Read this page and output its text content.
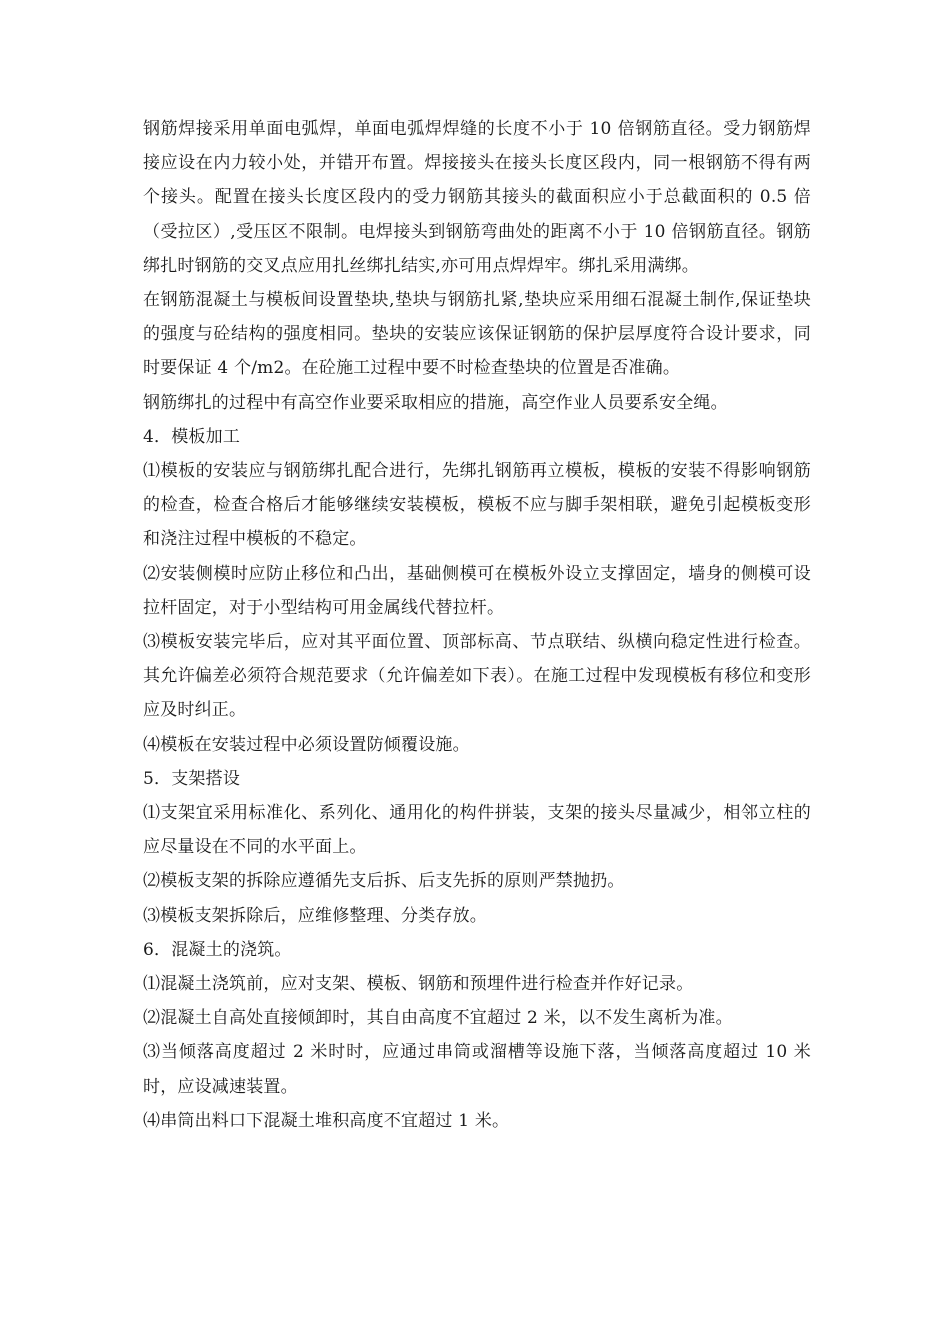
钢筋焊接采用单面电弧焊，单面电弧焊焊缝的长度不小于 10 倍钢筋直径。受力钢筋焊接应设在内力较小处，并错开布置。焊接接头在接头长度区段内，同一根钢筋不得有两个接头。配置在接头长度区段内的受力钢筋其接头的截面积应小于总截面积的 0.5 倍（受拉区）,受压区不限制。电焊接头到钢筋弯曲处的距离不小于 10 倍钢筋直径。钢筋绑扎时钢筋的交叉点应用扎丝绑扎结实,亦可用点焊焊牢。绑扎采用满绑。

在钢筋混凝土与模板间设置垫块,垫块与钢筋扎紧,垫块应采用细石混凝土制作,保证垫块的强度与砼结构的强度相同。垫块的安装应该保证钢筋的保护层厚度符合设计要求，同时要保证 4 个/m2。在砼施工过程中要不时检查垫块的位置是否准确。

钢筋绑扎的过程中有高空作业要采取相应的措施，高空作业人员要系安全绳。

4．模板加工

⑴模板的安装应与钢筋绑扎配合进行，先绑扎钢筋再立模板，模板的安装不得影响钢筋的检查，检查合格后才能够继续安装模板，模板不应与脚手架相联，避免引起模板变形和浇注过程中模板的不稳定。

⑵安装侧模时应防止移位和凸出，基础侧模可在模板外设立支撑固定，墙身的侧模可设拉杆固定，对于小型结构可用金属线代替拉杆。

⑶模板安装完毕后，应对其平面位置、顶部标高、节点联结、纵横向稳定性进行检查。其允许偏差必须符合规范要求（允许偏差如下表）。在施工过程中发现模板有移位和变形应及时纠正。

⑷模板在安装过程中必须设置防倾覆设施。

5．支架搭设

⑴支架宜采用标准化、系列化、通用化的构件拼装，支架的接头尽量减少，相邻立柱的应尽量设在不同的水平面上。

⑵模板支架的拆除应遵循先支后拆、后支先拆的原则严禁抛扔。

⑶模板支架拆除后，应维修整理、分类存放。

6．混凝土的浇筑。

⑴混凝土浇筑前，应对支架、模板、钢筋和预埋件进行检查并作好记录。

⑵混凝土自高处直接倾卸时，其自由高度不宜超过 2 米，以不发生离析为准。

⑶当倾落高度超过 2 米时时，应通过串筒或溜槽等设施下落，当倾落高度超过 10 米时，应设减速装置。

⑷串筒出料口下混凝土堆积高度不宜超过 1 米。
